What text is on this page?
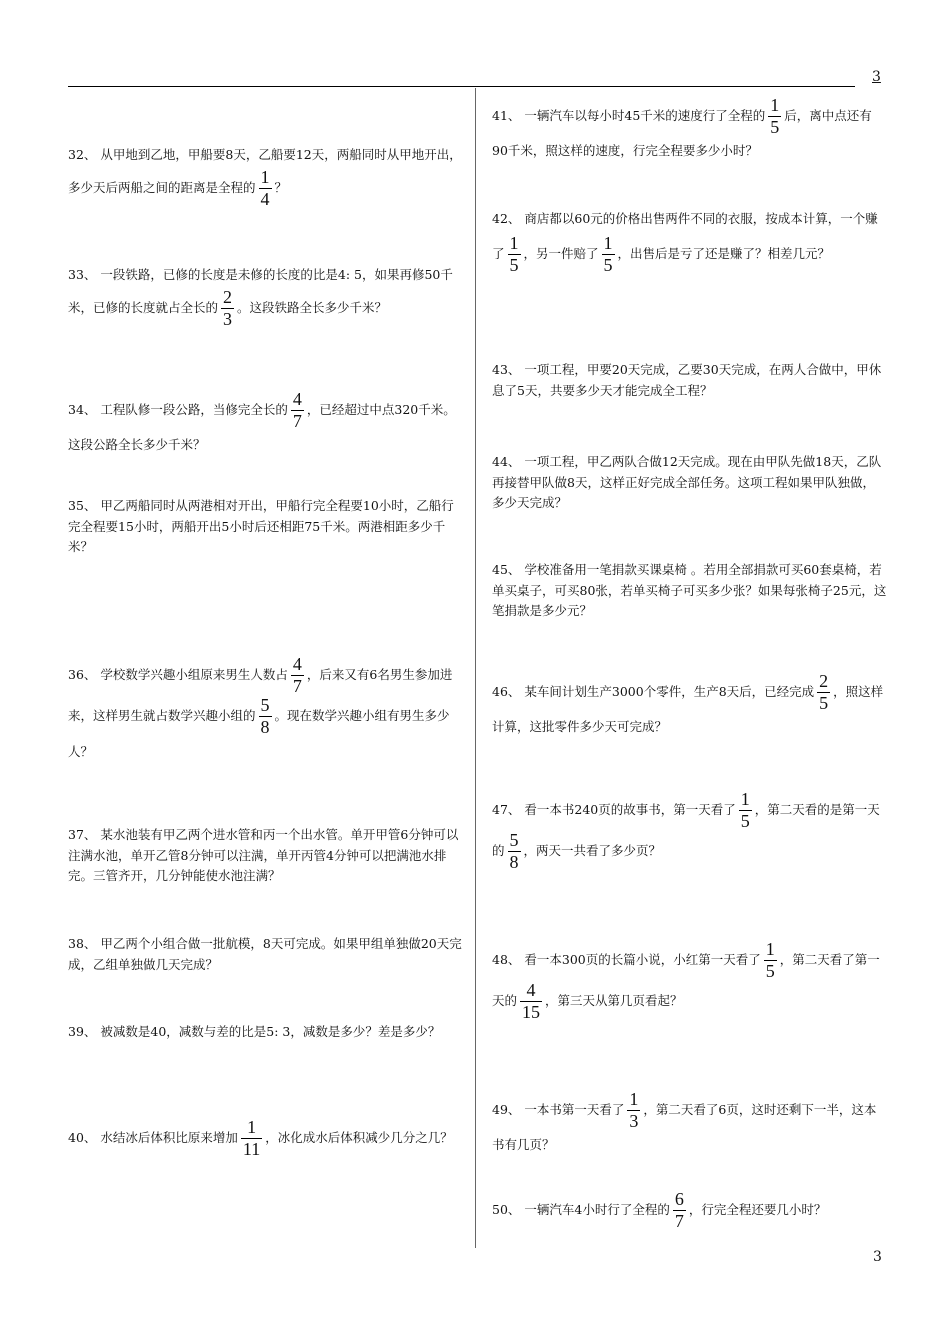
3

32、 从甲地到乙地，甲船要8天，乙船要12天，两船同时从甲地开出，多少天后两船之间的距离是全程的 $\frac{1}{4}$ ？

33、 一段铁路，已修的长度是未修的长度的比是4: 5，如果再修50千米，已修的长度就占全长的 $\frac{2}{3}$ 。这段铁路全长多少千米？

34、 工程队修一段公路，当修完全长的 $\frac{4}{7}$ ，已经超过中点320千米。这段公路全长多少千米？

35、 甲乙两船同时从两港相对开出，甲船行完全程要10小时，乙船行完全程要15小时，两船开出5小时后还相距75千米。两港相距多少千米？

36、 学校数学兴趣小组原来男生人数占 $\frac{4}{7}$ ，后来又有6名男生参加进来，这样男生就占数学兴趣小组的 $\frac{5}{8}$ 。现在数学兴趣小组有男生多少人？

37、 某水池装有甲乙两个进水管和丙一个出水管。单开甲管6分钟可以注满水池，单开乙管8分钟可以注满，单开丙管4分钟可以把满池水排完。三管齐开，几分钟能使水池注满？

38、 甲乙两个小组合做一批航模，8天可完成。如果甲组单独做20天完成，乙组单独做几天完成？

39、 被减数是40，减数与差的比是5: 3，减数是多少？差是多少？

40、 水结冰后体积比原来增加 $\frac{1}{11}$ ，冰化成水后体积减少几分之几？

41、 一辆汽车以每小时45千米的速度行了全程的 $\frac{1}{5}$ 后，离中点还有90千米，照这样的速度，行完全程要多少小时？

42、 商店都以60元的价格出售两件不同的衣服，按成本计算，一个赚了 $\frac{1}{5}$ ，另一件赔了 $\frac{1}{5}$ ，出售后是亏了还是赚了？相差几元？

43、 一项工程，甲要20天完成，乙要30天完成，在两人合做中，甲休息了5天，共要多少天才能完成全工程？

44、 一项工程，甲乙两队合做12天完成。现在由甲队先做18天，乙队再接替甲队做8天，这样正好完成全部任务。这项工程如果甲队独做，多少天完成？

45、 学校准备用一笔捐款买课桌椅 。若用全部捐款可买60套桌椅，若单买桌子，可买80张，若单买椅子可买多少张？如果每张椅子25元，这笔捐款是多少元？

46、 某车间计划生产3000个零件，生产8天后，已经完成 $\frac{2}{5}$ ，照这样计算，这批零件多少天可完成？

47、 看一本书240页的故事书，第一天看了 $\frac{1}{5}$ ，第二天看的是第一天的 $\frac{5}{8}$ ，两天一共看了多少页？

48、 看一本300页的长篇小说，小红第一天看了 $\frac{1}{5}$ ，第二天看了第一天的 $\frac{4}{15}$ ，第三天从第几页看起？

49、 一本书第一天看了 $\frac{1}{3}$ ，第二天看了6页，这时还剩下一半，这本书有几页？

50、 一辆汽车4小时行了全程的 $\frac{6}{7}$ ，行完全程还要几小时？

3
